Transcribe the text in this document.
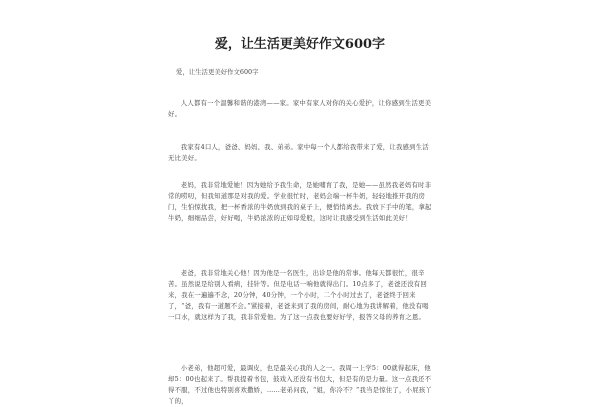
爱，让生活更美好作文600字
爱，让生活更美好作文600字

人人都有一个温馨和谐的港湾——家。家中有家人对你的关心爱护，让你感到生活更美好。

我家有4口人，爸爸、妈妈、我、弟弟。家中每一个人都给我带来了爱，让我感到生活无比美好。

老妈，我非常地爱她！因为她给予我生命，是她哺育了我，是她——虽然我老妈有时非常的唠叨，但我知道那是对我的爱。学业很忙时，老妈会端一杯牛奶，轻轻地推开我的房门，生怕惊扰我，把一杯香浓的牛奶放到我的桌子上，便悄悄离去。我放下手中的笔，拿起牛奶，细细品尝，好好喝，牛奶浓浓的正如母爱般，这时让我感受到生活如此美好！

老爸，我非常地关心他！因为他是一名医生，出诊是他的常事。他每天都很忙，很辛苦。虽然说是给别人看病，挂针等。但是电话一响他就得出门。10点多了，老爸还没有回来，我在一遍遍不念，20分钟，40分钟，一个小时，二个小时过去了，老爸终于回来了，“爸，我有一道题不会。”紧接着，老爸来到了我的房间，耐心地为我讲解着，他没有喝一口水，就这样为了我，我非常爱他。为了这一点我也要好好学，报答父母的养育之恩。

小老弟，他超可爱，最调皮，也是最关心我的人之一。我周一上学5：00就得起床，他却5：00也起来了。帮我提着书包，鼓戏入还没有书包大，但是有的是力量。这一点我还不得不服，不过他也特别喜欢撒娇，……老弟问我，“姐，你冷不？”我当是惊住了，小屁孩丫丫的，
